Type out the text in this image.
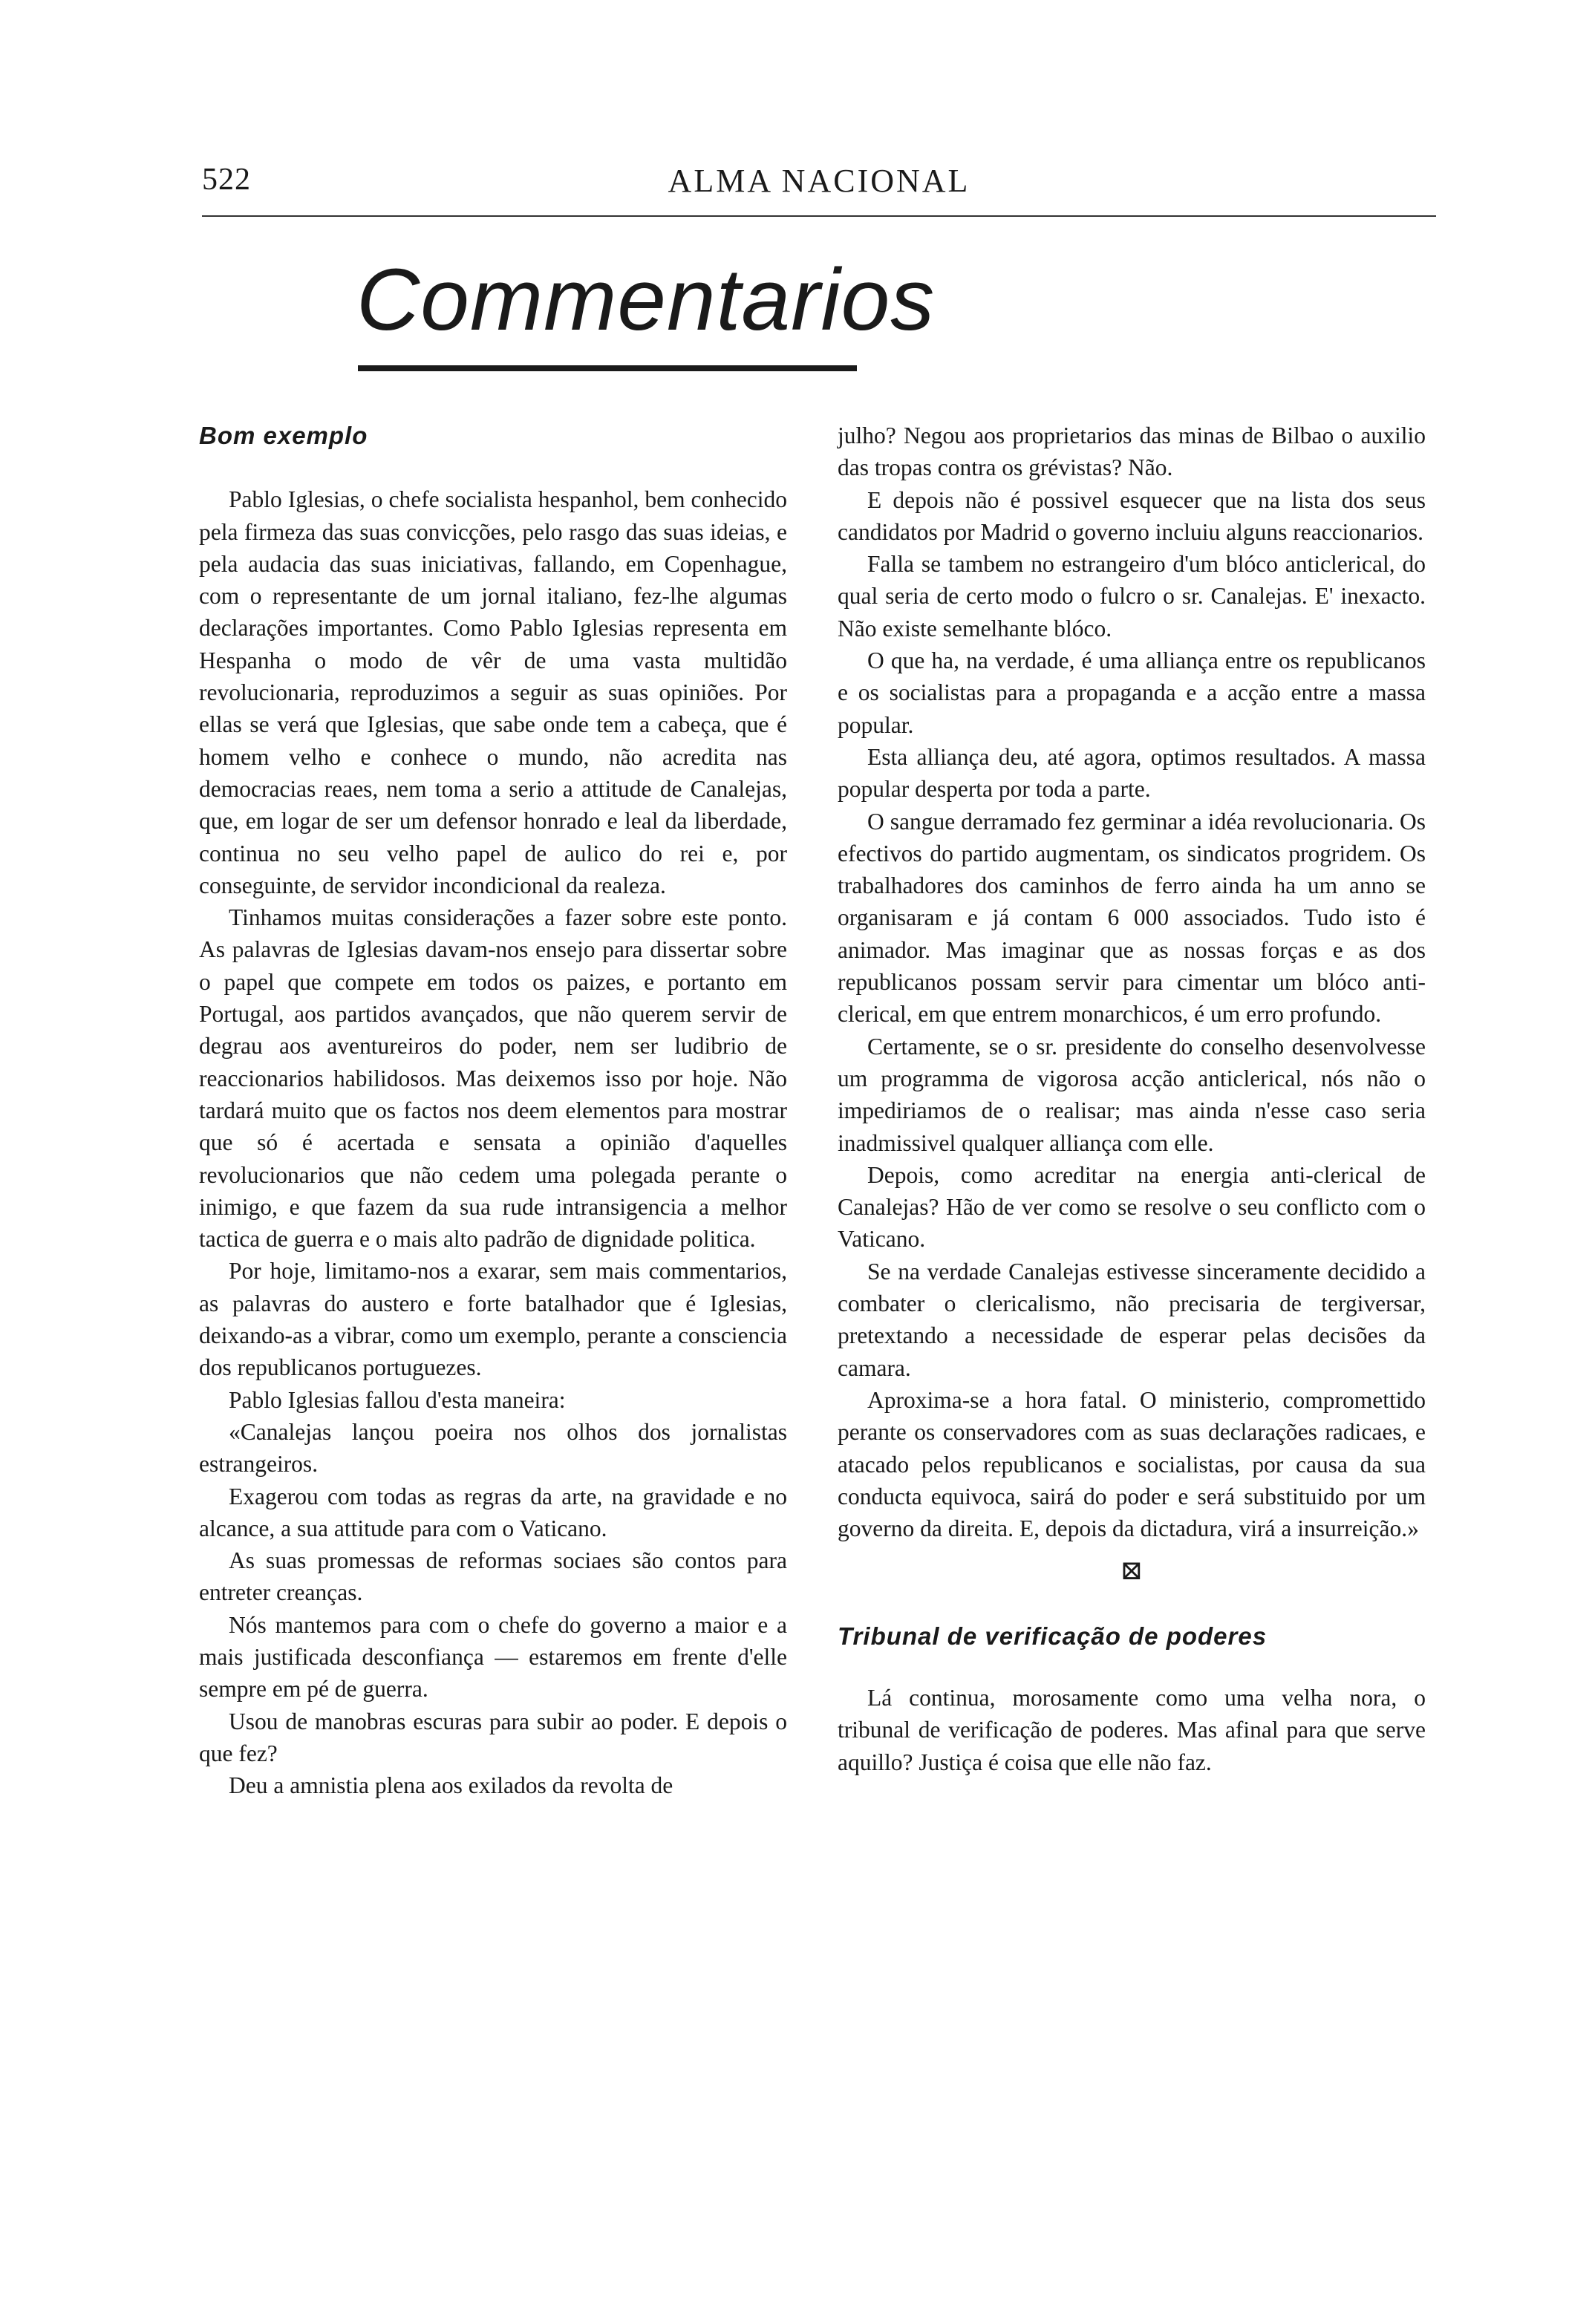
522	ALMA NACIONAL
Commentarios

Bom exemplo

Pablo Iglesias, o chefe socialista hespanhol, bem conhecido pela firmeza das suas convicções, pelo rasgo das suas ideias, e pela audacia das suas iniciativas, fallando, em Copenhague, com o representante de um jornal italiano, fez-lhe algumas declarações importantes. Como Pablo Iglesias representa em Hespanha o modo de vêr de uma vasta multidão revolucionaria, reproduzimos a seguir as suas opiniões. Por ellas se verá que Iglesias, que sabe onde tem a cabeça, que é homem velho e conhece o mundo, não acredita nas democracias reaes, nem toma a serio a attitude de Canalejas, que, em logar de ser um defensor honrado e leal da liberdade, continua no seu velho papel de aulico do rei e, por conseguinte, de servidor incondicional da realeza.

Tinhamos muitas considerações a fazer sobre este ponto. As palavras de Iglesias davam-nos ensejo para dissertar sobre o papel que compete em todos os paizes, e portanto em Portugal, aos partidos avançados, que não querem servir de degrau aos aventureiros do poder, nem ser ludibrio de reaccionarios habilidosos. Mas deixemos isso por hoje. Não tardará muito que os factos nos deem elementos para mostrar que só é acertada e sensata a opinião d'aquelles revolucionarios que não cedem uma polegada perante o inimigo, e que fazem da sua rude intransigencia a melhor tactica de guerra e o mais alto padrão de dignidade politica.

Por hoje, limitamo-nos a exarar, sem mais commentarios, as palavras do austero e forte batalhador que é Iglesias, deixando-as a vibrar, como um exemplo, perante a consciencia dos republicanos portuguezes.

Pablo Iglesias fallou d'esta maneira:

«Canalejas lançou poeira nos olhos dos jornalistas estrangeiros.

Exagerou com todas as regras da arte, na gravidade e no alcance, a sua attitude para com o Vaticano.

As suas promessas de reformas sociaes são contos para entreter creanças.

Nós mantemos para com o chefe do governo a maior e a mais justificada desconfiança — estaremos em frente d'elle sempre em pé de guerra.

Usou de manobras escuras para subir ao poder. E depois o que fez?

Deu a amnistia plena aos exilados da revolta de

julho? Negou aos proprietarios das minas de Bilbao o auxilio das tropas contra os grévistas? Não.

E depois não é possivel esquecer que na lista dos seus candidatos por Madrid o governo incluiu alguns reaccionarios.

Falla se tambem no estrangeiro d'um blóco anticlerical, do qual seria de certo modo o fulcro o sr. Canalejas. E' inexacto. Não existe semelhante blóco.

O que ha, na verdade, é uma alliança entre os republicanos e os socialistas para a propaganda e a acção entre a massa popular.

Esta alliança deu, até agora, optimos resultados. A massa popular desperta por toda a parte.

O sangue derramado fez germinar a idéa revolucionaria. Os efectivos do partido augmentam, os sindicatos progridem. Os trabalhadores dos caminhos de ferro ainda ha um anno se organisaram e já contam 6 000 associados. Tudo isto é animador. Mas imaginar que as nossas forças e as dos republicanos possam servir para cimentar um blóco anti-clerical, em que entrem monarchicos, é um erro profundo.

Certamente, se o sr. presidente do conselho desenvolvesse um programma de vigorosa acção anticlerical, nós não o impediriamos de o realisar; mas ainda n'esse caso seria inadmissivel qualquer alliança com elle.

Depois, como acreditar na energia anti-clerical de Canalejas? Hão de ver como se resolve o seu conflicto com o Vaticano.

Se na verdade Canalejas estivesse sinceramente decidido a combater o clericalismo, não precisaria de tergiversar, pretextando a necessidade de esperar pelas decisões da camara.

Aproxima-se a hora fatal. O ministerio, compromettido perante os conservadores com as suas declarações radicaes, e atacado pelos republicanos e socialistas, por causa da sua conducta equivoca, sairá do poder e será substituido por um governo da direita. E, depois da dictadura, virá a insurreição.»

⊠

Tribunal de verificação de poderes

Lá continua, morosamente como uma velha nora, o tribunal de verificação de poderes. Mas afinal para que serve aquillo? Justiça é coisa que elle não faz.
